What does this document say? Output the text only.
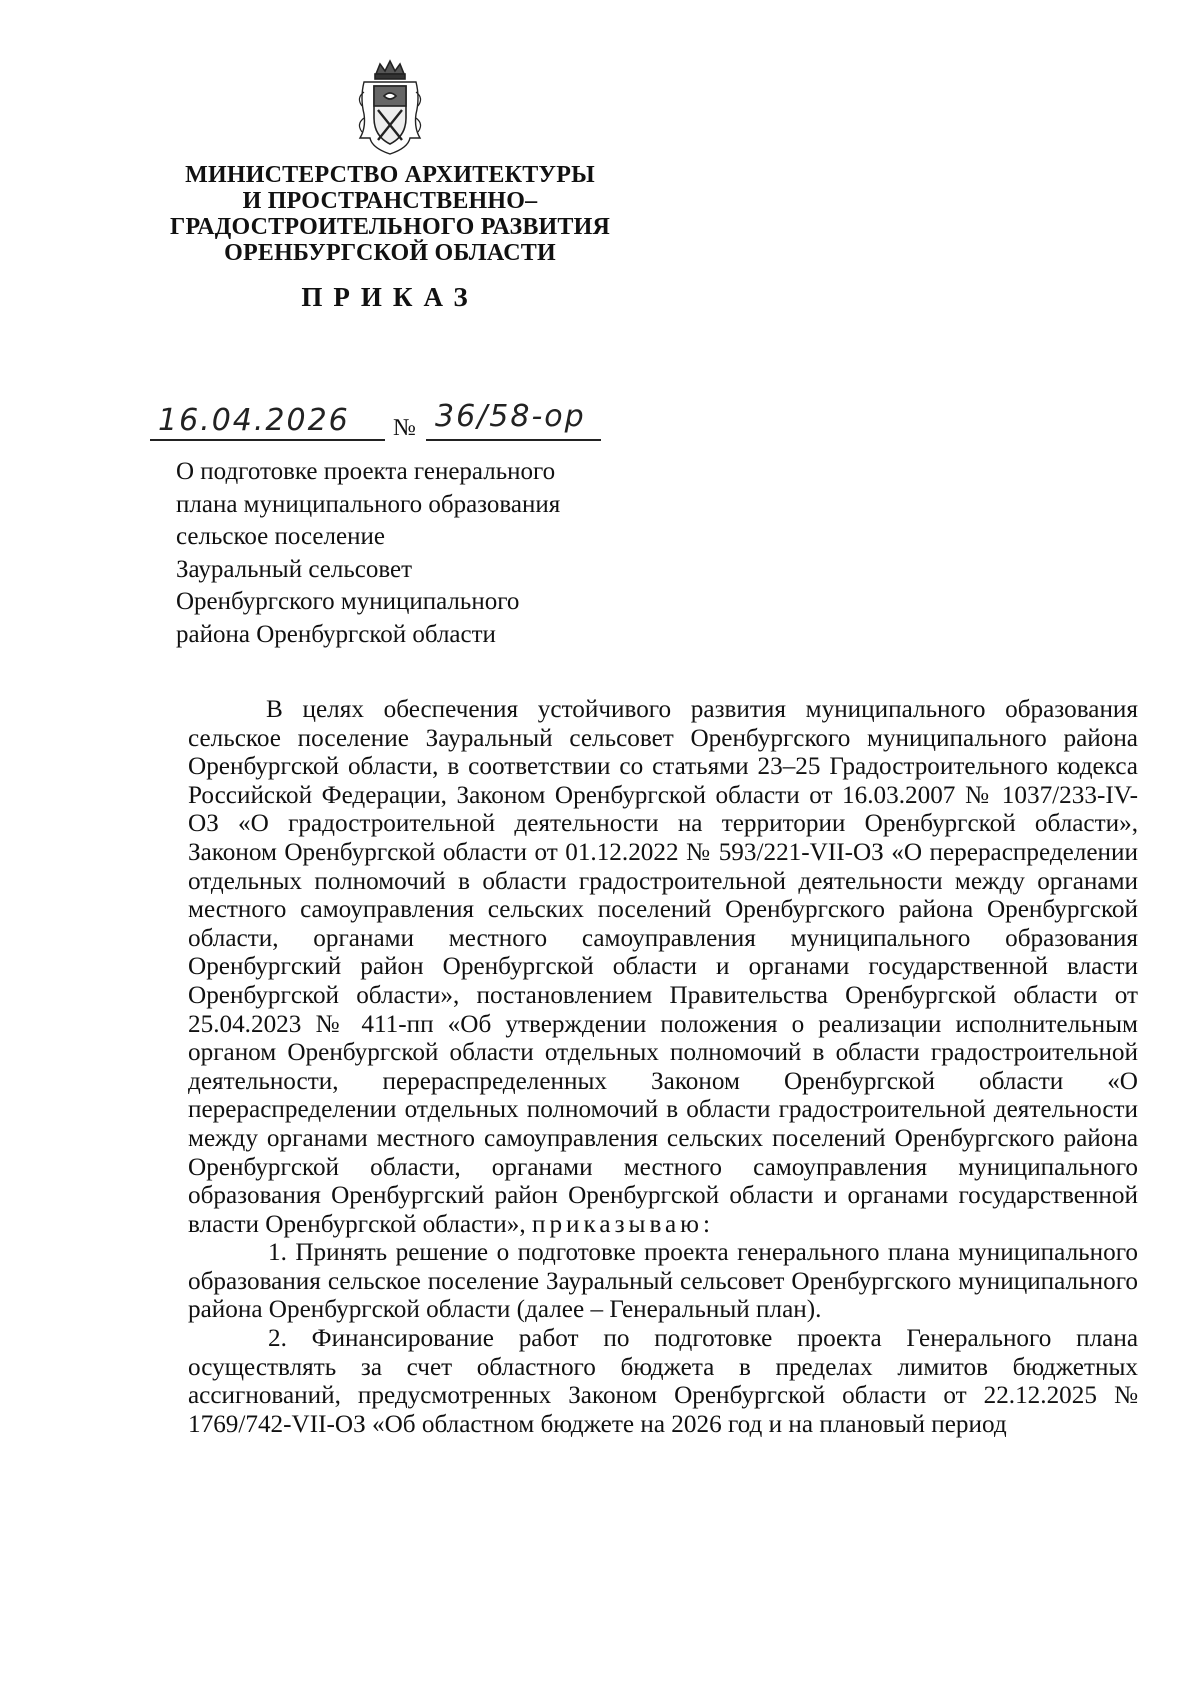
МИНИСТЕРСТВО АРХИТЕКТУРЫ
И ПРОСТРАНСТВЕННО–
ГРАДОСТРОИТЕЛЬНОГО РАЗВИТИЯ
ОРЕНБУРГСКОЙ ОБЛАСТИ
ПРИКАЗ
16.04.2026 № 36/58-ор
О подготовке проекта генерального
плана муниципального образования
сельское поселение
Зауральный сельсовет
Оренбургского муниципального
района Оренбургской области

В целях обеспечения устойчивого развития муниципального образования сельское поселение Зауральный сельсовет Оренбургского муниципального района Оренбургской области, в соответствии со статьями 23–25 Градостроительного кодекса Российской Федерации, Законом Оренбургской области от 16.03.2007 № 1037/233-IV-ОЗ «О градостроительной деятельности на территории Оренбургской области», Законом Оренбургской области от 01.12.2022 № 593/221-VII-ОЗ «О перераспределении отдельных полномочий в области градостроительной деятельности между органами местного самоуправления сельских поселений Оренбургского района Оренбургской области, органами местного самоуправления муниципального образования Оренбургский район Оренбургской области и органами государственной власти Оренбургской области», постановлением Правительства Оренбургской области от 25.04.2023 № 411-пп «Об утверждении положения о реализации исполнительным органом Оренбургской области отдельных полномочий в области градостроительной деятельности, перераспределенных Законом Оренбургской области «О перераспределении отдельных полномочий в области градостроительной деятельности между органами местного самоуправления сельских поселений Оренбургского района Оренбургской области, органами местного самоуправления муниципального образования Оренбургский район Оренбургской области и органами государственной власти Оренбургской области», приказываю:

1. Принять решение о подготовке проекта генерального плана муниципального образования сельское поселение Зауральный сельсовет Оренбургского муниципального района Оренбургской области (далее – Генеральный план).

2. Финансирование работ по подготовке проекта Генерального плана осуществлять за счет областного бюджета в пределах лимитов бюджетных ассигнований, предусмотренных Законом Оренбургской области от 22.12.2025 № 1769/742-VII-ОЗ «Об областном бюджете на 2026 год и на плановый период
